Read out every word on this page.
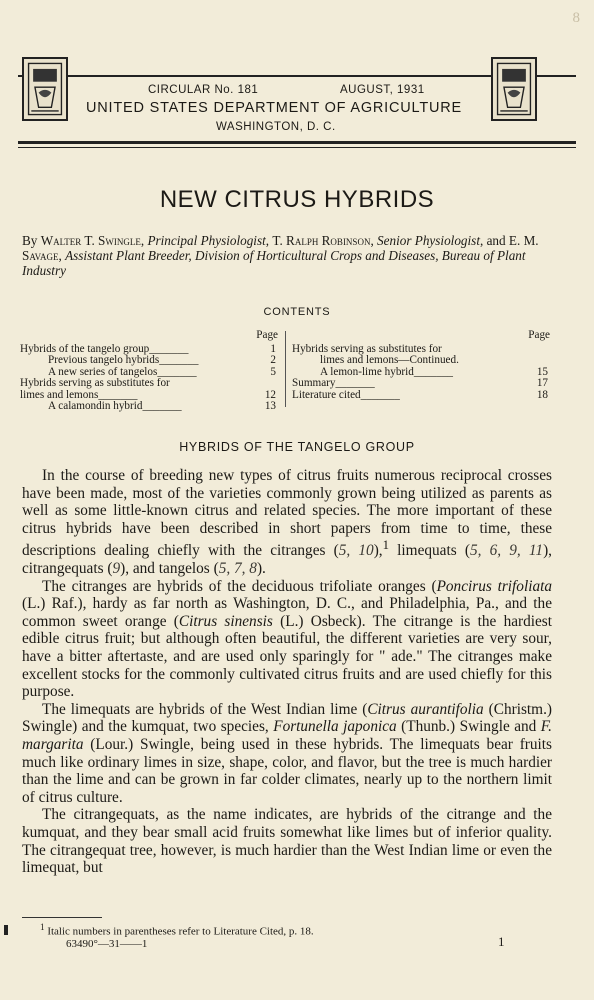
8
CIRCULAR No. 181	AUGUST, 1931
UNITED STATES DEPARTMENT OF AGRICULTURE
WASHINGTON, D. C.
NEW CITRUS HYBRIDS
By Walter T. Swingle, Principal Physiologist, T. Ralph Robinson, Senior Physiologist, and E. M. Savage, Assistant Plant Breeder, Division of Horticultural Crops and Diseases, Bureau of Plant Industry
CONTENTS
Page
Hybrids of the tangelo group_______	1
Previous tangelo hybrids_______	2
A new series of tangelos_______	5
Hybrids serving as substitutes for
limes and lemons_______	12
A calamondin hybrid_______	13
Page
Hybrids serving as substitutes for
limes and lemons—Continued.
A lemon-lime hybrid_______	15
Summary_______	17
Literature cited_______	18
HYBRIDS OF THE TANGELO GROUP

In the course of breeding new types of citrus fruits numerous reciprocal crosses have been made, most of the varieties commonly grown being utilized as parents as well as some little-known citrus and related species. The more important of these citrus hybrids have been described in short papers from time to time, these descriptions dealing chiefly with the citranges (5, 10),$^1$ limequats (5, 6, 9, 11), citrangequats (9), and tangelos (5, 7, 8).

The citranges are hybrids of the deciduous trifoliate oranges (Poncirus trifoliata (L.) Raf.), hardy as far north as Washington, D. C., and Philadelphia, Pa., and the common sweet orange (Citrus sinensis (L.) Osbeck). The citrange is the hardiest edible citrus fruit; but although often beautiful, the different varieties are very sour, have a bitter aftertaste, and are used only sparingly for " ade." The citranges make excellent stocks for the commonly cultivated citrus fruits and are used chiefly for this purpose.

The limequats are hybrids of the West Indian lime (Citrus aurantifolia (Christm.) Swingle) and the kumquat, two species, Fortunella japonica (Thunb.) Swingle and F. margarita (Lour.) Swingle, being used in these hybrids. The limequats bear fruits much like ordinary limes in size, shape, color, and flavor, but the tree is much hardier than the lime and can be grown in far colder climates, nearly up to the northern limit of citrus culture.

The citrangequats, as the name indicates, are hybrids of the citrange and the kumquat, and they bear small acid fruits somewhat like limes but of inferior quality. The citrangequat tree, however, is much hardier than the West Indian lime or even the limequat, but

$^1$ Italic numbers in parentheses refer to Literature Cited, p. 18.
63490°—31——1	1
